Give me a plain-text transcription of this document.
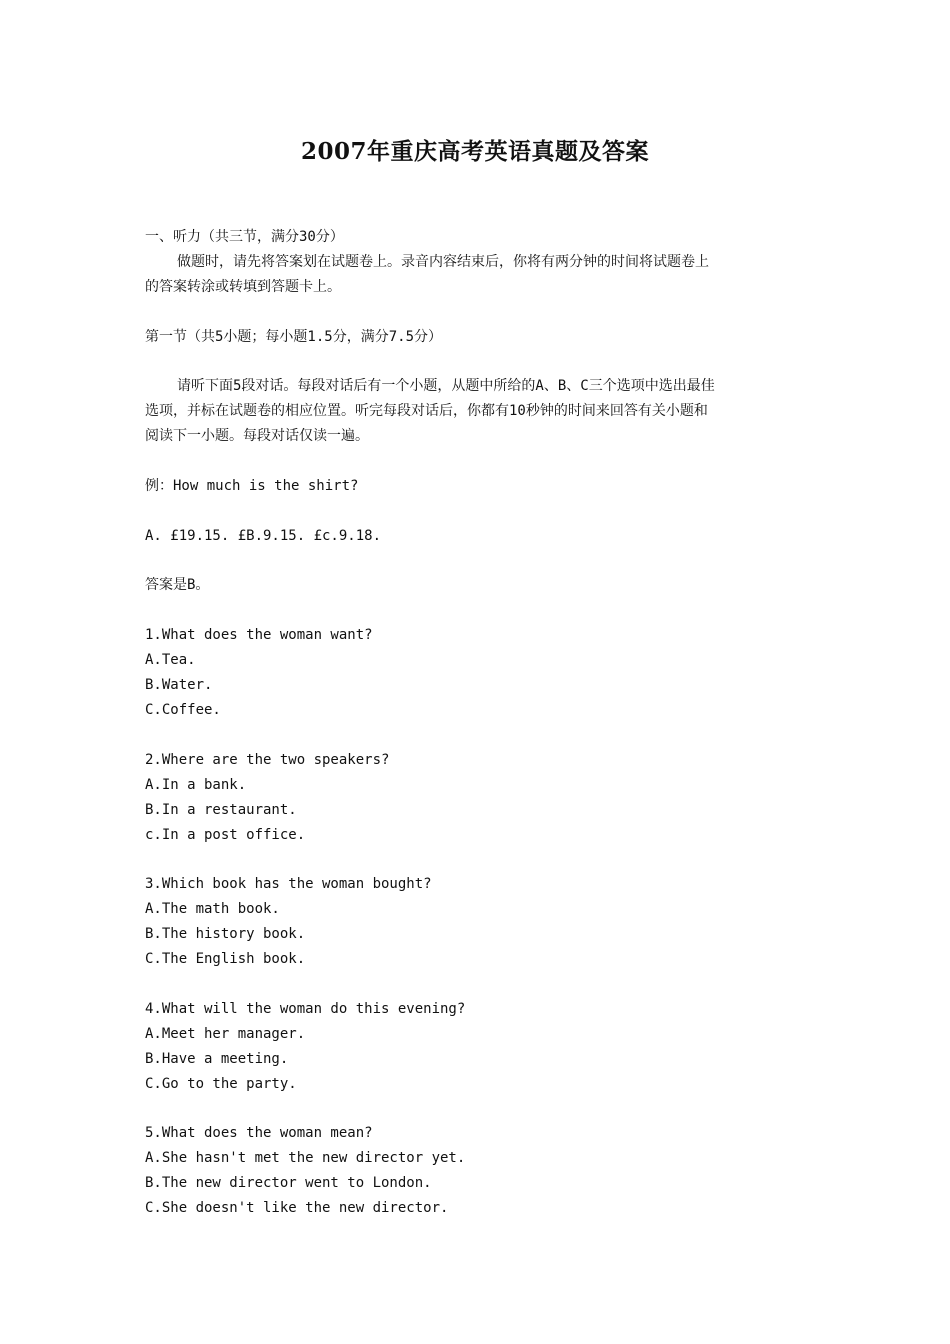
2007年重庆高考英语真题及答案
一、听力（共三节，满分30分）
做题时，请先将答案划在试题卷上。录音内容结束后，你将有两分钟的时间将试题卷上
的答案转涂或转填到答题卡上。
第一节（共5小题；每小题1.5分，满分7.5分）
请听下面5段对话。每段对话后有一个小题，从题中所给的A、B、C三个选项中选出最佳
选项，并标在试题卷的相应位置。听完每段对话后，你都有10秒钟的时间来回答有关小题和
阅读下一小题。每段对话仅读一遍。
例：How much is the shirt?
A. £19.15. £B.9.15. £c.9.18.
答案是B。
1.What does the woman want?
A.Tea.
B.Water.
C.Coffee.
2.Where are the two speakers?
A.In a bank.
B.In a restaurant.
c.In a post office.
3.Which book has the woman bought?
A.The math book.
B.The history book.
C.The English book.
4.What will the woman do this evening?
A.Meet her manager.
B.Have a meeting.
C.Go to the party.
5.What does the woman mean?
A.She hasn't met the new director yet.
B.The new director went to London.
C.She doesn't like the new director.
